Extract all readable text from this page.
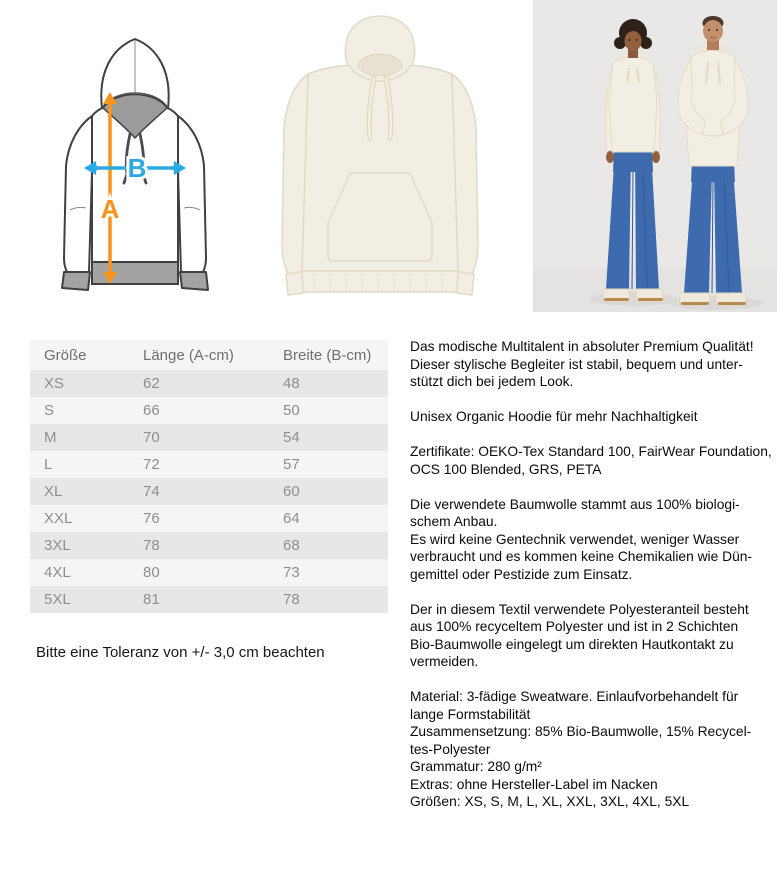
A
B
Größe	Länge (A-cm)	Breite (B-cm)
XS	62	48
S	66	50
M	70	54
L	72	57
XL	74	60
XXL	76	64
3XL	78	68
4XL	80	73
5XL	81	78

Bitte eine Toleranz von +/- 3,0 cm beachten

Das modische Multitalent in absoluter Premium Qualität!
Dieser stylische Begleiter ist stabil, bequem und unter-
stützt dich bei jedem Look.

Unisex Organic Hoodie für mehr Nachhaltigkeit

Zertifikate: OEKO-Tex Standard 100, FairWear Foundation,
OCS 100 Blended, GRS, PETA

Die verwendete Baumwolle stammt aus 100% biologi-
schem Anbau.
Es wird keine Gentechnik verwendet, weniger Wasser
verbraucht und es kommen keine Chemikalien wie Dün-
gemittel oder Pestizide zum Einsatz.

Der in diesem Textil verwendete Polyesteranteil besteht
aus 100% recyceltem Polyester und ist in 2 Schichten
Bio-Baumwolle eingelegt um direkten Hautkontakt zu
vermeiden.

Material: 3-fädige Sweatware. Einlaufvorbehandelt für
lange Formstabilität
Zusammensetzung: 85% Bio-Baumwolle, 15% Recycel-
tes-Polyester
Grammatur: 280 g/m²
Extras: ohne Hersteller-Label im Nacken
Größen: XS, S, M, L, XL, XXL, 3XL, 4XL, 5XL
